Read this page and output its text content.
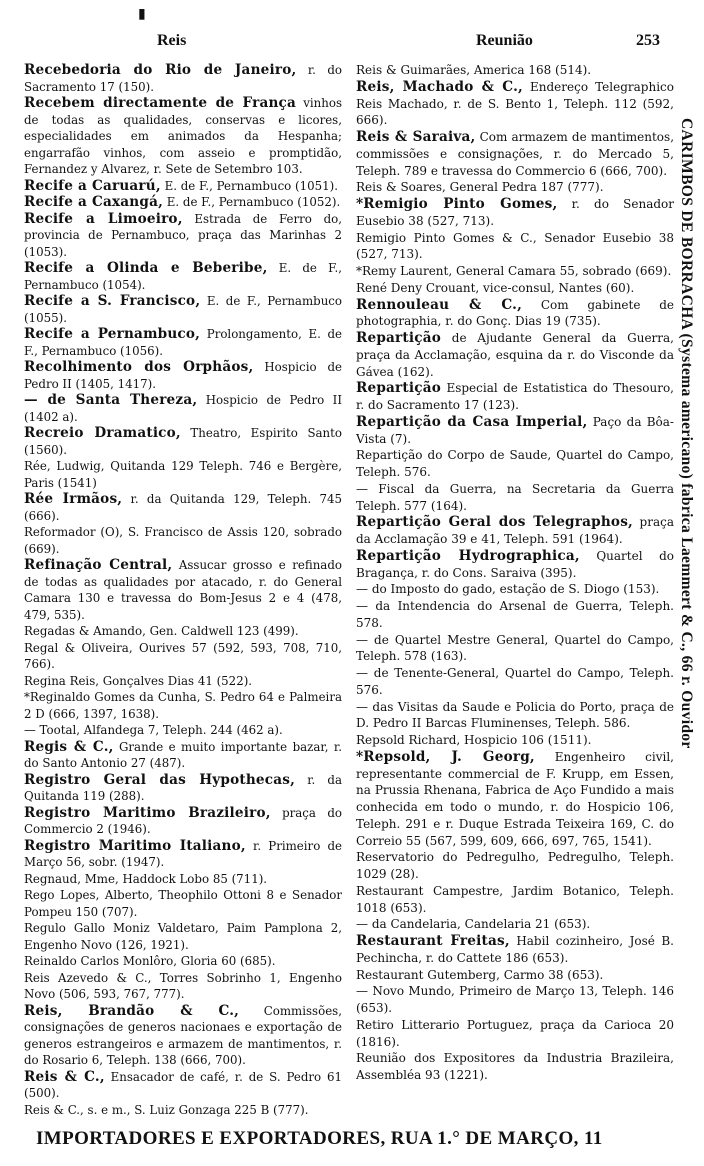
▮
Reis	Reunião	253

Recebedoria do Rio de Janeiro, r. do Sacramento 17 (150).

Recebem directamente de França vinhos de todas as qualidades, conservas e licores, especialidades em animados da Hespanha; engarrafão vinhos, com asseio e promptidão, Fernandez y Alvarez, r. Sete de Setembro 103.

Recife a Caruarú, E. de F., Pernambuco (1051).

Recife a Caxangá, E. de F., Pernambuco (1052).

Recife a Limoeiro, Estrada de Ferro do, provincia de Pernambuco, praça das Marinhas 2 (1053).

Recife a Olinda e Beberibe, E. de F., Pernambuco (1054).

Recife a S. Francisco, E. de F., Pernambuco (1055).

Recife a Pernambuco, Prolongamento, E. de F., Pernambuco (1056).

Recolhimento dos Orphãos, Hospicio de Pedro II (1405, 1417).

— de Santa Thereza, Hospicio de Pedro II (1402 a).

Recreio Dramatico, Theatro, Espirito Santo (1560).

Rée, Ludwig, Quitanda 129 Teleph. 746 e Bergère, Paris (1541)

Rée Irmãos, r. da Quitanda 129, Teleph. 745 (666).

Reformador (O), S. Francisco de Assis 120, sobrado (669).

Refinação Central, Assucar grosso e refinado de todas as qualidades por atacado, r. do General Camara 130 e travessa do Bom-Jesus 2 e 4 (478, 479, 535).

Regadas & Amando, Gen. Caldwell 123 (499).

Regal & Oliveira, Ourives 57 (592, 593, 708, 710, 766).

Regina Reis, Gonçalves Dias 41 (522).

*Reginaldo Gomes da Cunha, S. Pedro 64 e Palmeira 2 D (666, 1397, 1638).

— Tootal, Alfandega 7, Teleph. 244 (462 a).

Regis & C., Grande e muito importante bazar, r. do Santo Antonio 27 (487).

Registro Geral das Hypothecas, r. da Quitanda 119 (288).

Registro Maritimo Brazileiro, praça do Commercio 2 (1946).

Registro Maritimo Italiano, r. Primeiro de Março 56, sobr. (1947).

Regnaud, Mme, Haddock Lobo 85 (711).

Rego Lopes, Alberto, Theophilo Ottoni 8 e Senador Pompeu 150 (707).

Regulo Gallo Moniz Valdetaro, Paim Pamplona 2, Engenho Novo (126, 1921).

Reinaldo Carlos Monlôro, Gloria 60 (685).

Reis Azevedo & C., Torres Sobrinho 1, Engenho Novo (506, 593, 767, 777).

Reis, Brandão & C., Commissões, consignações de generos nacionaes e exportação de generos estrangeiros e armazem de mantimentos, r. do Rosario 6, Teleph. 138 (666, 700).

Reis & C., Ensacador de café, r. de S. Pedro 61 (500).

Reis & C., s. e m., S. Luiz Gonzaga 225 B (777).

Reis & Guimarães, America 168 (514).

Reis, Machado & C., Endereço Telegraphico Reis Machado, r. de S. Bento 1, Teleph. 112 (592, 666).

Reis & Saraiva, Com armazem de mantimentos, commissões e consignações, r. do Mercado 5, Teleph. 789 e travessa do Commercio 6 (666, 700).

Reis & Soares, General Pedra 187 (777).

*Remigio Pinto Gomes, r. do Senador Eusebio 38 (527, 713).

Remigio Pinto Gomes & C., Senador Eusebio 38 (527, 713).

*Remy Laurent, General Camara 55, sobrado (669).

René Deny Crouant, vice-consul, Nantes (60).

Rennouleau & C., Com gabinete de photographia, r. do Gonç. Dias 19 (735).

Repartição de Ajudante General da Guerra, praça da Acclamação, esquina da r. do Visconde da Gávea (162).

Repartição Especial de Estatistica do Thesouro, r. do Sacramento 17 (123).

Repartição da Casa Imperial, Paço da Bôa-Vista (7).

Repartição do Corpo de Saude, Quartel do Campo, Teleph. 576.

— Fiscal da Guerra, na Secretaria da Guerra Teleph. 577 (164).

Repartição Geral dos Telegraphos, praça da Acclamação 39 e 41, Teleph. 591 (1964).

Repartição Hydrographica, Quartel do Bragança, r. do Cons. Saraiva (395).

— do Imposto do gado, estação de S. Diogo (153).

— da Intendencia do Arsenal de Guerra, Teleph. 578.

— de Quartel Mestre General, Quartel do Campo, Teleph. 578 (163).

— de Tenente-General, Quartel do Campo, Teleph. 576.

— das Visitas da Saude e Policia do Porto, praça de D. Pedro II Barcas Fluminenses, Teleph. 586.

Repsold Richard, Hospicio 106 (1511).

*Repsold, J. Georg, Engenheiro civil, representante commercial de F. Krupp, em Essen, na Prussia Rhenana, Fabrica de Aço Fundido a mais conhecida em todo o mundo, r. do Hospicio 106, Teleph. 291 e r. Duque Estrada Teixeira 169, C. do Correio 55 (567, 599, 609, 666, 697, 765, 1541).

Reservatorio do Pedregulho, Pedregulho, Teleph. 1029 (28).

Restaurant Campestre, Jardim Botanico, Teleph. 1018 (653).

— da Candelaria, Candelaria 21 (653).

Restaurant Freitas, Habil cozinheiro, José B. Pechincha, r. do Cattete 186 (653).

Restaurant Gutemberg, Carmo 38 (653).

— Novo Mundo, Primeiro de Março 13, Teleph. 146 (653).

Retiro Litterario Portuguez, praça da Carioca 20 (1816).

Reunião dos Expositores da Industria Brazileira, Assembléa 93 (1221).

CARIMBOS DE BORRACHA (Systema americano) fabrica Laemmert & C., 66 r. Ouvidor
IMPORTADORES E EXPORTADORES, RUA 1.° DE MARÇO, 11
